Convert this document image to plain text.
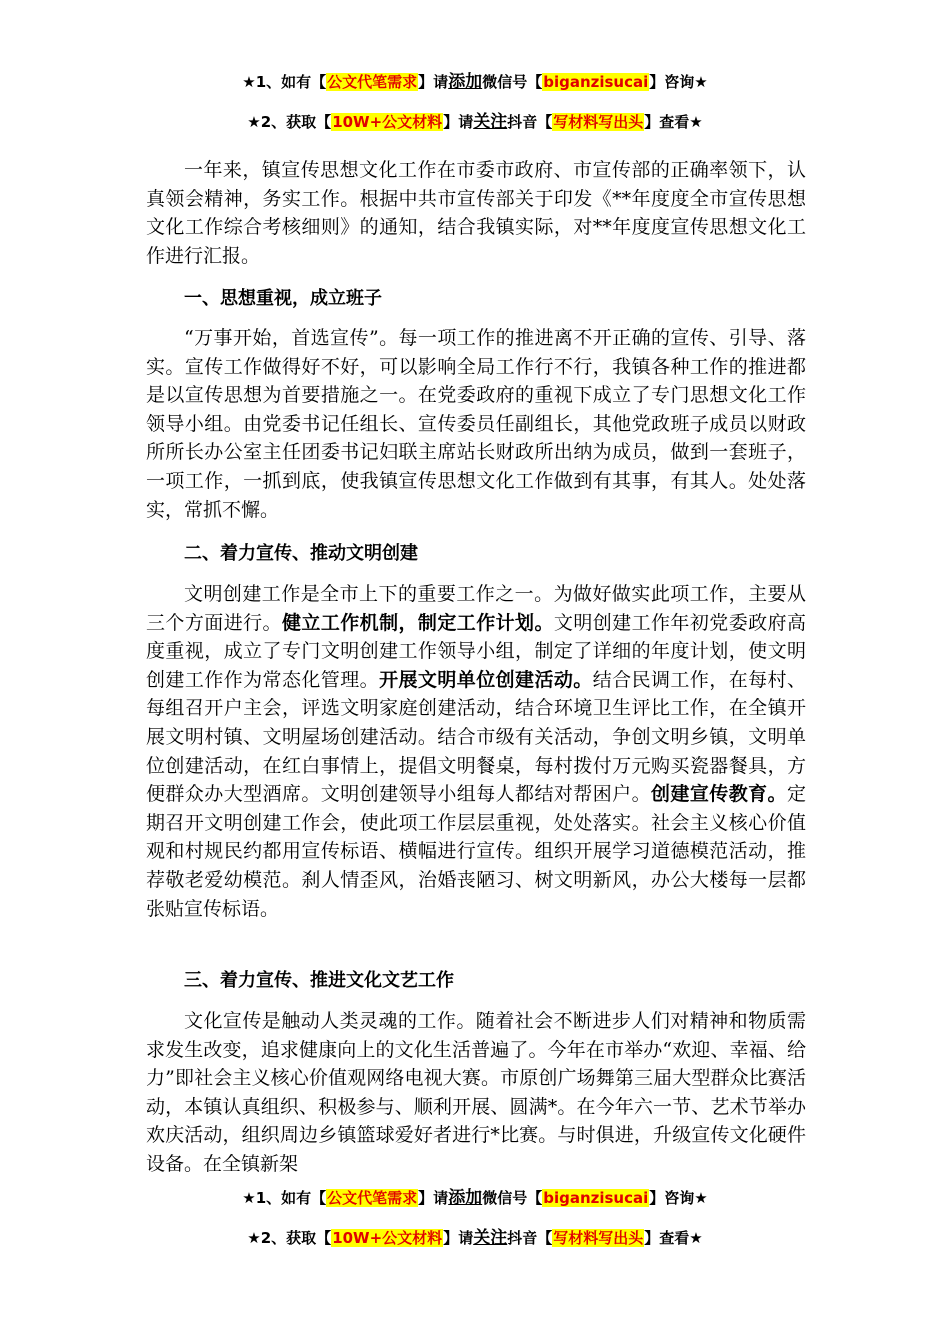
★1、如有【公文代笔需求】请添加微信号【biganzisucai】咨询★
★2、获取【10W+公文材料】请关注抖音【写材料写出头】查看★

一年来，镇宣传思想文化工作在市委市政府、市宣传部的正确率领下，认真领会精神，务实工作。根据中共市宣传部关于印发《**年度度全市宣传思想文化工作综合考核细则》的通知，结合我镇实际，对**年度度宣传思想文化工作进行汇报。

一、思想重视，成立班子

“万事开始，首选宣传”。每一项工作的推进离不开正确的宣传、引导、落实。宣传工作做得好不好，可以影响全局工作行不行，我镇各种工作的推进都是以宣传思想为首要措施之一。在党委政府的重视下成立了专门思想文化工作领导小组。由党委书记任组长、宣传委员任副组长，其他党政班子成员以财政所所长办公室主任团委书记妇联主席站长财政所出纳为成员，做到一套班子，一项工作，一抓到底，使我镇宣传思想文化工作做到有其事，有其人。处处落实，常抓不懈。

二、着力宣传、推动文明创建

文明创建工作是全市上下的重要工作之一。为做好做实此项工作，主要从三个方面进行。健立工作机制，制定工作计划。文明创建工作年初党委政府高度重视，成立了专门文明创建工作领导小组，制定了详细的年度计划，使文明创建工作作为常态化管理。开展文明单位创建活动。结合民调工作，在每村、每组召开户主会，评选文明家庭创建活动，结合环境卫生评比工作，在全镇开展文明村镇、文明屋场创建活动。结合市级有关活动，争创文明乡镇，文明单位创建活动，在红白事情上，提倡文明餐桌，每村拨付万元购买瓷器餐具，方便群众办大型酒席。文明创建领导小组每人都结对帮困户。创建宣传教育。定期召开文明创建工作会，使此项工作层层重视，处处落实。社会主义核心价值观和村规民约都用宣传标语、横幅进行宣传。组织开展学习道德模范活动，推荐敬老爱幼模范。刹人情歪风，治婚丧陋习、树文明新风，办公大楼每一层都张贴宣传标语。

三、着力宣传、推进文化文艺工作

文化宣传是触动人类灵魂的工作。随着社会不断进步人们对精神和物质需求发生改变，追求健康向上的文化生活普遍了。今年在市举办“欢迎、幸福、给力”即社会主义核心价值观网络电视大赛。市原创广场舞第三届大型群众比赛活动，本镇认真组织、积极参与、顺利开展、圆满*。在今年六一节、艺术节举办欢庆活动，组织周边乡镇篮球爱好者进行*比赛。与时俱进，升级宣传文化硬件设备。在全镇新架

★1、如有【公文代笔需求】请添加微信号【biganzisucai】咨询★
★2、获取【10W+公文材料】请关注抖音【写材料写出头】查看★
